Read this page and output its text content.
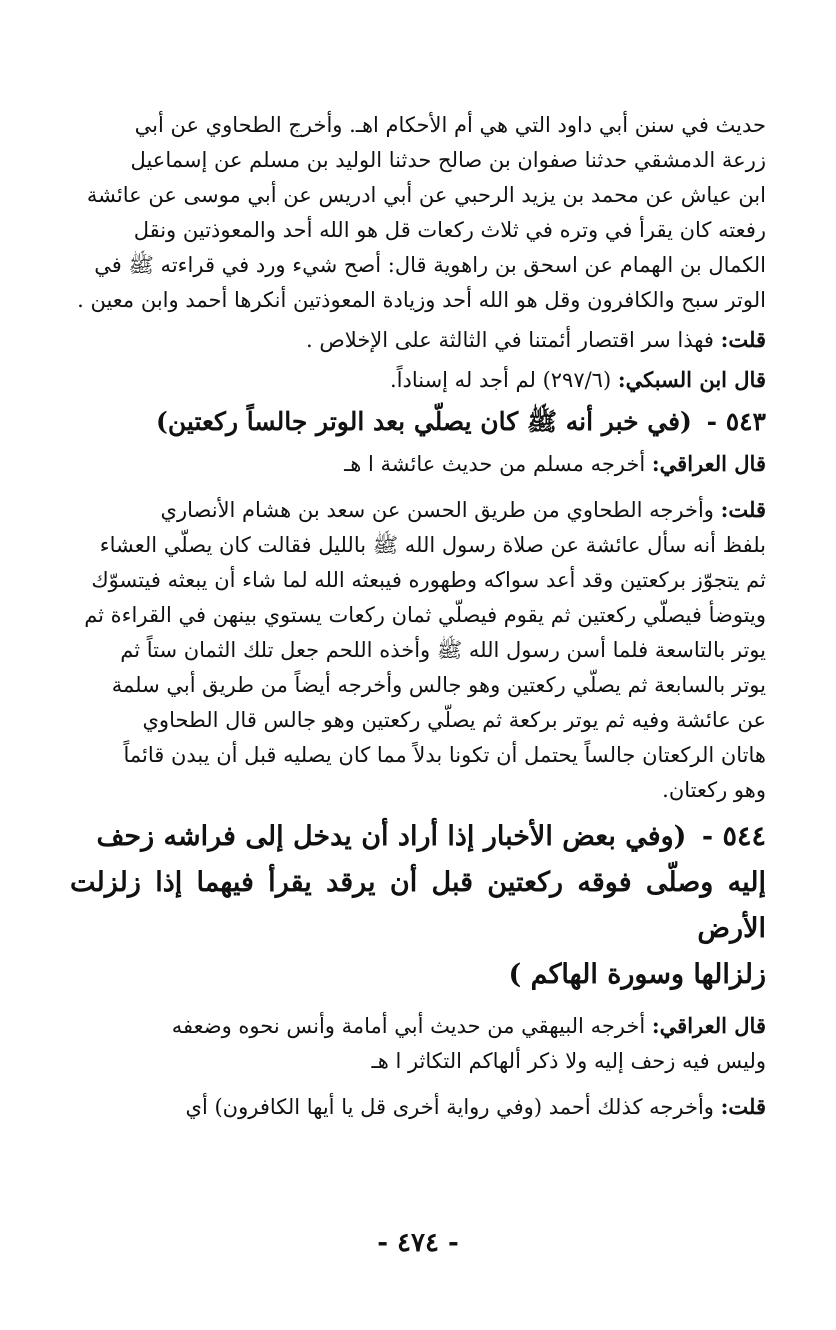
حديث في سنن أبي داود التي هي أم الأحكام اهـ. وأخرج الطحاوي عن أبي
زرعة الدمشقي حدثنا صفوان بن صالح حدثنا الوليد بن مسلم عن إسماعيل
ابن عياش عن محمد بن يزيد الرحبي عن أبي ادريس عن أبي موسى عن عائشة
رفعته كان يقرأ في وتره في ثلاث ركعات قل هو الله أحد والمعوذتين ونقل
الكمال بن الهمام عن اسحق بن راهوية قال: أصح شيء ورد في قراءته ﷺ في
الوتر سبح والكافرون وقل هو الله أحد وزيادة المعوذتين أنكرها أحمد وابن معين .

قلت: فهذا سر اقتصار أئمتنا في الثالثة على الإخلاص .

قال ابن السبكي: (٢٩٧/٦) لم أجد له إسناداً.

٥٤٣ - (في خبر أنه ﷺ كان يصلّي بعد الوتر جالساً ركعتين)

قال العراقي: أخرجه مسلم من حديث عائشة ا هـ

قلت: وأخرجه الطحاوي من طريق الحسن عن سعد بن هشام الأنصاري
بلفظ أنه سأل عائشة عن صلاة رسول الله ﷺ بالليل فقالت كان يصلّي العشاء
ثم يتجوّز بركعتين وقد أعد سواكه وطهوره فيبعثه الله لما شاء أن يبعثه فيتسوّك
ويتوضأ فيصلّي ركعتين ثم يقوم فيصلّي ثمان ركعات يستوي بينهن في القراءة ثم
يوتر بالتاسعة فلما أسن رسول الله ﷺ وأخذه اللحم جعل تلك الثمان ستاً ثم
يوتر بالسابعة ثم يصلّي ركعتين وهو جالس وأخرجه أيضاً من طريق أبي سلمة
عن عائشة وفيه ثم يوتر بركعة ثم يصلّي ركعتين وهو جالس قال الطحاوي
هاتان الركعتان جالساً يحتمل أن تكونا بدلاً مما كان يصليه قبل أن يبدن قائماً
وهو ركعتان.

٥٤٤ - (وفي بعض الأخبار إذا أراد أن يدخل إلى فراشه زحف
إليه وصلّى فوقه ركعتين قبل أن يرقد يقرأ فيهما إذا زلزلت الأرض
زلزالها وسورة الهاكم )

قال العراقي: أخرجه البيهقي من حديث أبي أمامة وأنس نحوه وضعفه
وليس فيه زحف إليه ولا ذكر ألهاكم التكاثر ا هـ

قلت: وأخرجه كذلك أحمد (وفي رواية أخرى قل يا أيها الكافرون) أي

- ٤٧٤ -
